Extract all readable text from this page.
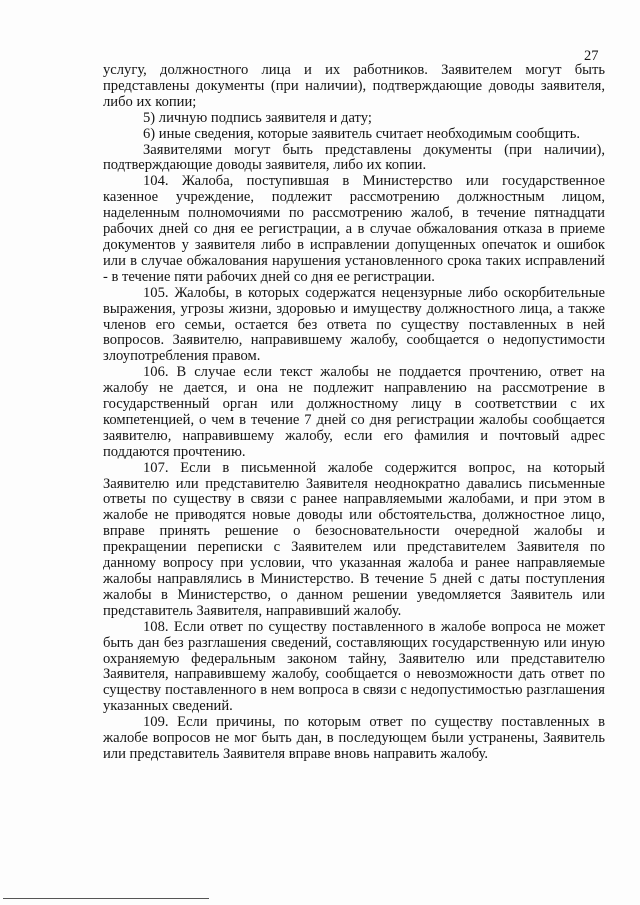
27

услугу, должностного лица и их работников. Заявителем могут быть представлены документы (при наличии), подтверждающие доводы заявителя, либо их копии;

5) личную подпись заявителя и дату;

6) иные сведения, которые заявитель считает необходимым сообщить.

Заявителями могут быть представлены документы (при наличии), подтверждающие доводы заявителя, либо их копии.

104. Жалоба, поступившая в Министерство или государственное казенное учреждение, подлежит рассмотрению должностным лицом, наделенным полномочиями по рассмотрению жалоб, в течение пятнадцати рабочих дней со дня ее регистрации, а в случае обжалования отказа в приеме документов у заявителя либо в исправлении допущенных опечаток и ошибок или в случае обжалования нарушения установленного срока таких исправлений - в течение пяти рабочих дней со дня ее регистрации.

105. Жалобы, в которых содержатся нецензурные либо оскорбительные выражения, угрозы жизни, здоровью и имуществу должностного лица, а также членов его семьи, остается без ответа по существу поставленных в ней вопросов. Заявителю, направившему жалобу, сообщается о недопустимости злоупотребления правом.

106. В случае если текст жалобы не поддается прочтению, ответ на жалобу не дается, и она не подлежит направлению на рассмотрение в государственный орган или должностному лицу в соответствии с их компетенцией, о чем в течение 7 дней со дня регистрации жалобы сообщается заявителю, направившему жалобу, если его фамилия и почтовый адрес поддаются прочтению.

107. Если в письменной жалобе содержится вопрос, на который Заявителю или представителю Заявителя неоднократно давались письменные ответы по существу в связи с ранее направляемыми жалобами, и при этом в жалобе не приводятся новые доводы или обстоятельства, должностное лицо, вправе принять решение о безосновательности очередной жалобы и прекращении переписки с Заявителем или представителем Заявителя по данному вопросу при условии, что указанная жалоба и ранее направляемые жалобы направлялись в Министерство. В течение 5 дней с даты поступления жалобы в Министерство, о данном решении уведомляется Заявитель или представитель Заявителя, направивший жалобу.

108. Если ответ по существу поставленного в жалобе вопроса не может быть дан без разглашения сведений, составляющих государственную или иную охраняемую федеральным законом тайну, Заявителю или представителю Заявителя, направившему жалобу, сообщается о невозможности дать ответ по существу поставленного в нем вопроса в связи с недопустимостью разглашения указанных сведений.

109. Если причины, по которым ответ по существу поставленных в жалобе вопросов не мог быть дан, в последующем были устранены, Заявитель или представитель Заявителя вправе вновь направить жалобу.
